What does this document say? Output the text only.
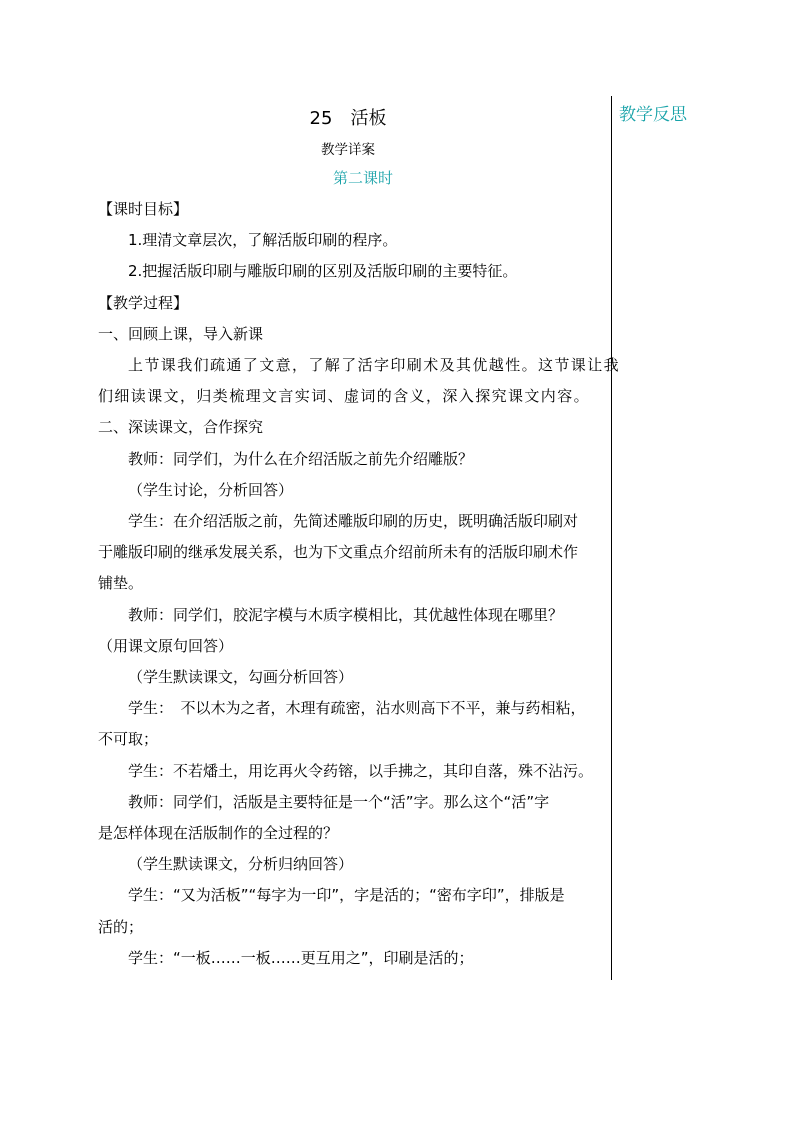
教学反思
25　活板
教学详案
第二课时
【课时目标】
1.理清文章层次，了解活版印刷的程序。
2.把握活版印刷与雕版印刷的区别及活版印刷的主要特征。
【教学过程】
一、回顾上课，导入新课
上节课我们疏通了文意，了解了活字印刷术及其优越性。这节课让我
们细读课文，归类梳理文言实词、虚词的含义，深入探究课文内容。
二、深读课文，合作探究
教师：同学们，为什么在介绍活版之前先介绍雕版？
（学生讨论，分析回答）
学生：在介绍活版之前，先简述雕版印刷的历史，既明确活版印刷对
于雕版印刷的继承发展关系，也为下文重点介绍前所未有的活版印刷术作
铺垫。
教师：同学们，胶泥字模与木质字模相比，其优越性体现在哪里？
（用课文原句回答）
（学生默读课文，勾画分析回答）
学生：　不以木为之者，木理有疏密，沾水则高下不平，兼与药相粘，
不可取；
学生：不若燔土，用讫再火令药镕，以手拂之，其印自落，殊不沾污。
教师：同学们，活版是主要特征是一个“活”字。那么这个“活”字
是怎样体现在活版制作的全过程的？
（学生默读课文，分析归纳回答）
学生：“又为活板”“每字为一印”，字是活的；“密布字印”，排版是
活的；
学生：“一板……一板……更互用之”，印刷是活的；
